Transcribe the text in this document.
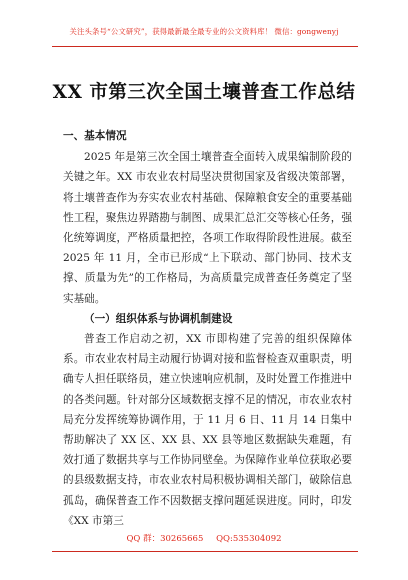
关注头条号“公文研究”，获得最新最全最专业的公文资料库！ 微信：gongwenyj
XX 市第三次全国土壤普查工作总结

一、基本情况

2025 年是第三次全国土壤普查全面转入成果编制阶段的关键之年。XX 市农业农村局坚决贯彻国家及省级决策部署，将土壤普查作为夯实农业农村基础、保障粮食安全的重要基础性工程，聚焦边界踏勘与制图、成果汇总汇交等核心任务，强化统筹调度，严格质量把控，各项工作取得阶段性进展。截至 2025 年 11 月，全市已形成“上下联动、部门协同、技术支撑、质量为先”的工作格局，为高质量完成普查任务奠定了坚实基础。

（一）组织体系与协调机制建设

普查工作启动之初，XX 市即构建了完善的组织保障体系。市农业农村局主动履行协调对接和监督检查双重职责，明确专人担任联络员，建立快速响应机制，及时处置工作推进中的各类问题。针对部分区域数据支撑不足的情况，市农业农村局充分发挥统筹协调作用，于 11 月 6 日、11 月 14 日集中帮助解决了 XX 区、XX 县、XX 县等地区数据缺失难题，有效打通了数据共享与工作协同壁垒。为保障作业单位获取必要的县级数据支持，市农业农村局积极协调相关部门，破除信息孤岛，确保普查工作不因数据支撑问题延误进度。同时，印发《XX 市第三

QQ 群：30265665 QQ:535304092
